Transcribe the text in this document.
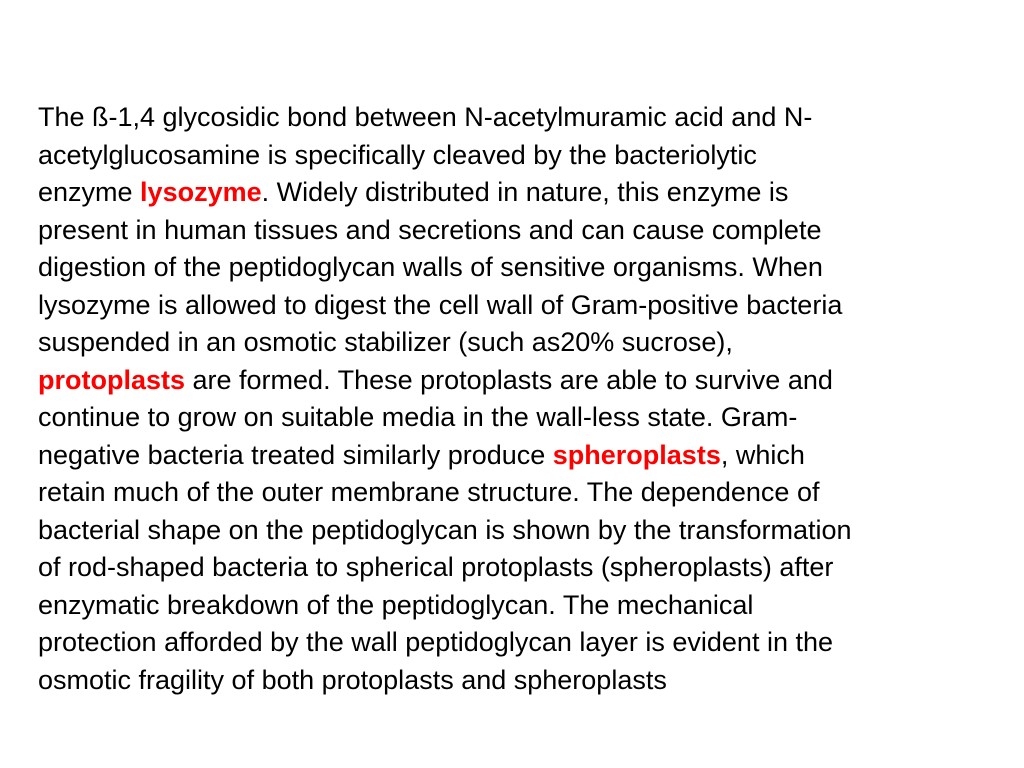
The ß-1,4 glycosidic bond between N-acetylmuramic acid and N-
acetylglucosamine is specifically cleaved by the bacteriolytic
enzyme lysozyme. Widely distributed in nature, this enzyme is
present in human tissues and secretions and can cause complete
digestion of the peptidoglycan walls of sensitive organisms. When
lysozyme is allowed to digest the cell wall of Gram-positive bacteria
suspended in an osmotic stabilizer (such as20% sucrose),
protoplasts are formed. These protoplasts are able to survive and
continue to grow on suitable media in the wall-less state. Gram-
negative bacteria treated similarly produce spheroplasts, which
retain much of the outer membrane structure. The dependence of
bacterial shape on the peptidoglycan is shown by the transformation
of rod-shaped bacteria to spherical protoplasts (spheroplasts) after
enzymatic breakdown of the peptidoglycan. The mechanical
protection afforded by the wall peptidoglycan layer is evident in the
osmotic fragility of both protoplasts and spheroplasts
